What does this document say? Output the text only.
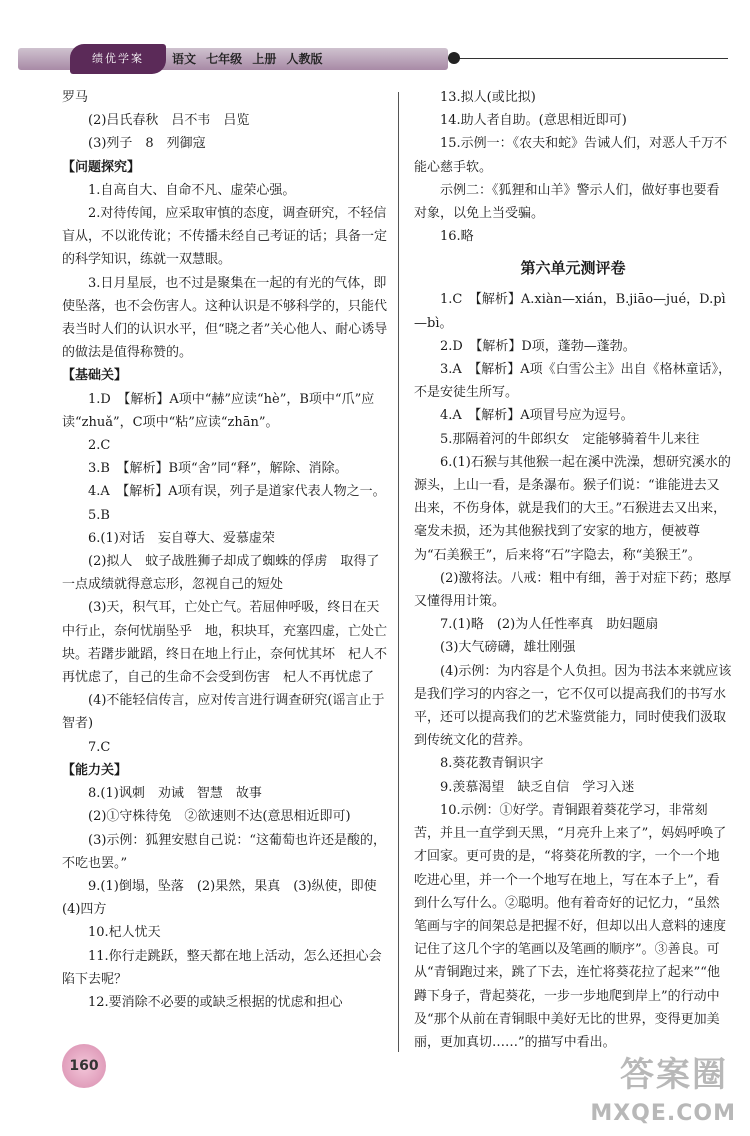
绩优学案	语文 七年级 上册 人教版

罗马

(2)吕氏春秋　吕不韦　吕览

(3)列子　8　列御寇

【问题探究】

1.自高自大、自命不凡、虚荣心强。

2.对待传闻，应采取审慎的态度，调查研究，不轻信盲从，不以讹传讹；不传播未经自己考证的话；具备一定的科学知识，练就一双慧眼。

3.日月星辰，也不过是聚集在一起的有光的气体，即使坠落，也不会伤害人。这种认识是不够科学的，只能代表当时人们的认识水平，但“晓之者”关心他人、耐心诱导的做法是值得称赞的。

【基础关】

1.D　【解析】A项中“赫”应读“hè”，B项中“爪”应读“zhuǎ”，C项中“粘”应读“zhān”。

2.C

3.B　【解析】B项“舍”同“释”，解除、消除。

4.A　【解析】A项有误，列子是道家代表人物之一。

5.B

6.(1)对话　妄自尊大、爱慕虚荣

(2)拟人　蚊子战胜狮子却成了蜘蛛的俘虏　取得了一点成绩就得意忘形，忽视自己的短处

(3)天，积气耳，亡处亡气。若屈伸呼吸，终日在天中行止，奈何忧崩坠乎　地，积块耳，充塞四虚，亡处亡块。若躇步跐蹈，终日在地上行止，奈何忧其坏　杞人不再忧虑了，自己的生命不会受到伤害　杞人不再忧虑了

(4)不能轻信传言，应对传言进行调查研究(谣言止于智者)

7.C

【能力关】

8.(1)讽刺　劝诫　智慧　故事

(2)①守株待兔　②欲速则不达(意思相近即可)

(3)示例：狐狸安慰自己说：“这葡萄也许还是酸的，不吃也罢。”

9.(1)倒塌，坠落　(2)果然，果真　(3)纵使，即使　(4)四方

10.杞人忧天

11.你行走跳跃，整天都在地上活动，怎么还担心会陷下去呢？

12.要消除不必要的或缺乏根据的忧虑和担心

13.拟人(或比拟)

14.助人者自助。(意思相近即可)

15.示例一：《农夫和蛇》告诫人们，对恶人千万不能心慈手软。

示例二：《狐狸和山羊》警示人们，做好事也要看对象，以免上当受骗。

16.略

第六单元测评卷

1.C　【解析】A.xiàn—xián，B.jiāo—jué，D.pì—bì。

2.D　【解析】D项，蓬勃—蓬勃。

3.A　【解析】A项《白雪公主》出自《格林童话》，不是安徒生所写。

4.A　【解析】A项冒号应为逗号。

5.那隔着河的牛郎织女　定能够骑着牛儿来往

6.(1)石猴与其他猴一起在溪中洗澡，想研究溪水的源头，上山一看，是条瀑布。猴子们说：“谁能进去又出来，不伤身体，就是我们的大王。”石猴进去又出来，毫发未损，还为其他猴找到了安家的地方，便被尊为“石美猴王”，后来将“石”字隐去，称“美猴王”。

(2)激将法。八戒：粗中有细，善于对症下药；憨厚又懂得用计策。

7.(1)略　(2)为人任性率真　助妇题扇

(3)大气磅礴，雄壮刚强

(4)示例：为内容是个人负担。因为书法本来就应该是我们学习的内容之一，它不仅可以提高我们的书写水平，还可以提高我们的艺术鉴赏能力，同时使我们汲取到传统文化的营养。

8.葵花教青铜识字

9.羡慕渴望　缺乏自信　学习入迷

10.示例：①好学。青铜跟着葵花学习，非常刻苦，并且一直学到天黑，“月亮升上来了”，妈妈呼唤了才回家。更可贵的是，“将葵花所教的字，一个一个地吃进心里，并一个一个地写在地上，写在本子上”，看到什么写什么。②聪明。他有着奇好的记忆力，“虽然笔画与字的间架总是把握不好，但却以出人意料的速度记住了这几个字的笔画以及笔画的顺序”。③善良。可从“青铜跑过来，跳了下去，连忙将葵花拉了起来”“他蹲下身子，背起葵花，一步一步地爬到岸上”的行动中及“那个从前在青铜眼中美好无比的世界，变得更加美丽，更加真切……”的描写中看出。

160	答案圈
MXQE.COM
